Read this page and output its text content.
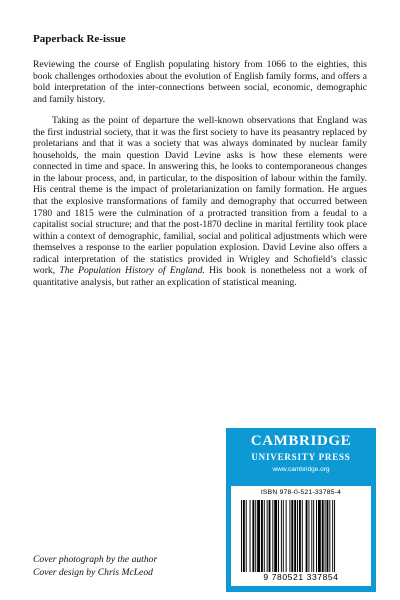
Paperback Re-issue

Reviewing the course of English populating history from 1066 to the eighties, this book challenges orthodoxies about the evolution of English family forms, and offers a bold interpretation of the inter-connections between social, economic, demographic and family history.

Taking as the point of departure the well-known observations that England was the first industrial society, that it was the first society to have its peasantry replaced by proletarians and that it was a society that was always dominated by nuclear family households, the main question David Levine asks is how these elements were connected in time and space. In answering this, he looks to contemporaneous changes in the labour process, and, in particular, to the disposition of labour within the family. His central theme is the impact of proletarianization on family formation. He argues that the explosive transformations of family and demography that occurred between 1780 and 1815 were the culmination of a protracted transition from a feudal to a capitalist social structure; and that the post-1870 decline in marital fertility took place within a context of demographic, familial, social and political adjustments which were themselves a response to the earlier population explosion. David Levine also offers a radical interpretation of the statistics provided in Wrigley and Schofield’s classic work, The Population History of England. His book is nonetheless not a work of quantitative analysis, but rather an explication of statistical meaning.

Cover photograph by the author
Cover design by Chris McLeod
CAMBRIDGE
UNIVERSITY PRESS
www.cambridge.org
ISBN 978-0-521-33785-4
9 780521 337854
